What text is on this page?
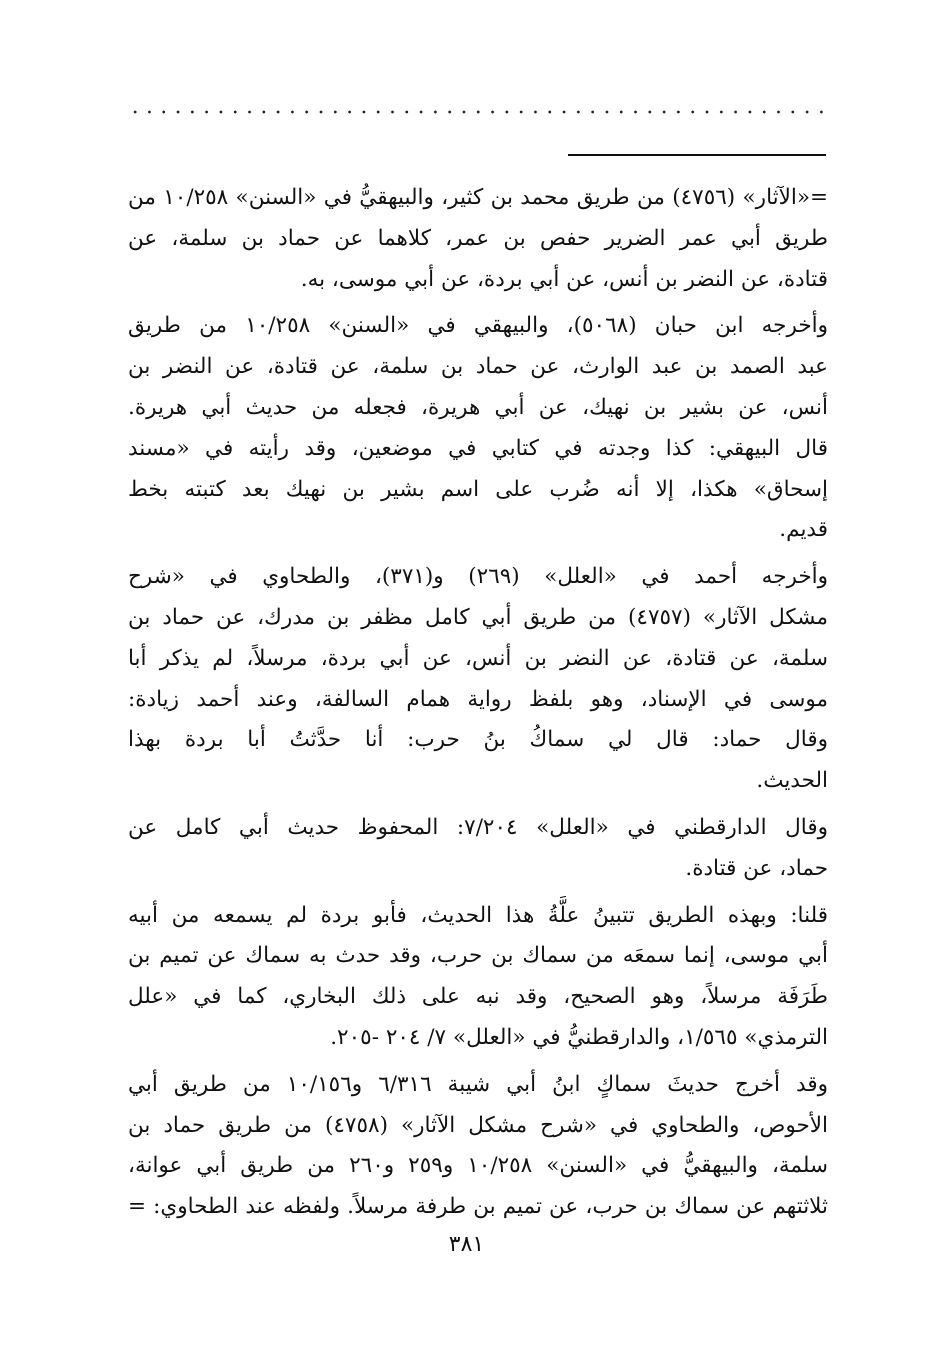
=«الآثار» (٤٧٥٦) من طريق محمد بن كثير، والبيهقيُّ في «السنن» ١٠/٢٥٨ من
طريق أبي عمر الضرير حفص بن عمر، كلاهما عن حماد بن سلمة، عن
قتادة، عن النضر بن أنس، عن أبي بردة، عن أبي موسى، به.
وأخرجه ابن حبان (٥٠٦٨)، والبيهقي في «السنن» ١٠/٢٥٨ من طريق
عبد الصمد بن عبد الوارث، عن حماد بن سلمة، عن قتادة، عن النضر بن
أنس، عن بشير بن نهيك، عن أبي هريرة، فجعله من حديث أبي هريرة.
قال البيهقي: كذا وجدته في كتابي في موضعين، وقد رأيته في «مسند
إسحاق» هكذا، إلا أنه ضُرب على اسم بشير بن نهيك بعد كتبته بخط
قديم.
وأخرجه أحمد في «العلل» (٢٦٩) و(٣٧١)، والطحاوي في «شرح
مشكل الآثار» (٤٧٥٧) من طريق أبي كامل مظفر بن مدرك، عن حماد بن
سلمة، عن قتادة، عن النضر بن أنس، عن أبي بردة، مرسلاً، لم يذكر أبا
موسى في الإسناد، وهو بلفظ رواية همام السالفة، وعند أحمد زيادة:
وقال حماد: قال لي سماكُ بنُ حرب: أنا حدَّثتُ أبا بردة بهذا
الحديث.
وقال الدارقطني في «العلل» ٧/٢٠٤: المحفوظ حديث أبي كامل عن
حماد، عن قتادة.
قلنا: وبهذه الطريق تتبينُ علَّةُ هذا الحديث، فأبو بردة لم يسمعه من أبيه
أبي موسى، إنما سمعَه من سماك بن حرب، وقد حدث به سماك عن تميم بن
طَرَفَة مرسلاً، وهو الصحيح، وقد نبه على ذلك البخاري، كما في «علل
الترمذي» ١/٥٦٥، والدارقطنيُّ في «العلل» ٧/ ٢٠٤ -٢٠٥.
وقد أخرج حديثَ سماكٍ ابنُ أبي شيبة ٦/٣١٦ و١٠/١٥٦ من طريق أبي
الأحوص، والطحاوي في «شرح مشكل الآثار» (٤٧٥٨) من طريق حماد بن
سلمة، والبيهقيُّ في «السنن» ١٠/٢٥٨ و٢٥٩ و٢٦٠ من طريق أبي عوانة،
ثلاثتهم عن سماك بن حرب، عن تميم بن طرفة مرسلاً. ولفظه عند الطحاوي: =
٣٨١
